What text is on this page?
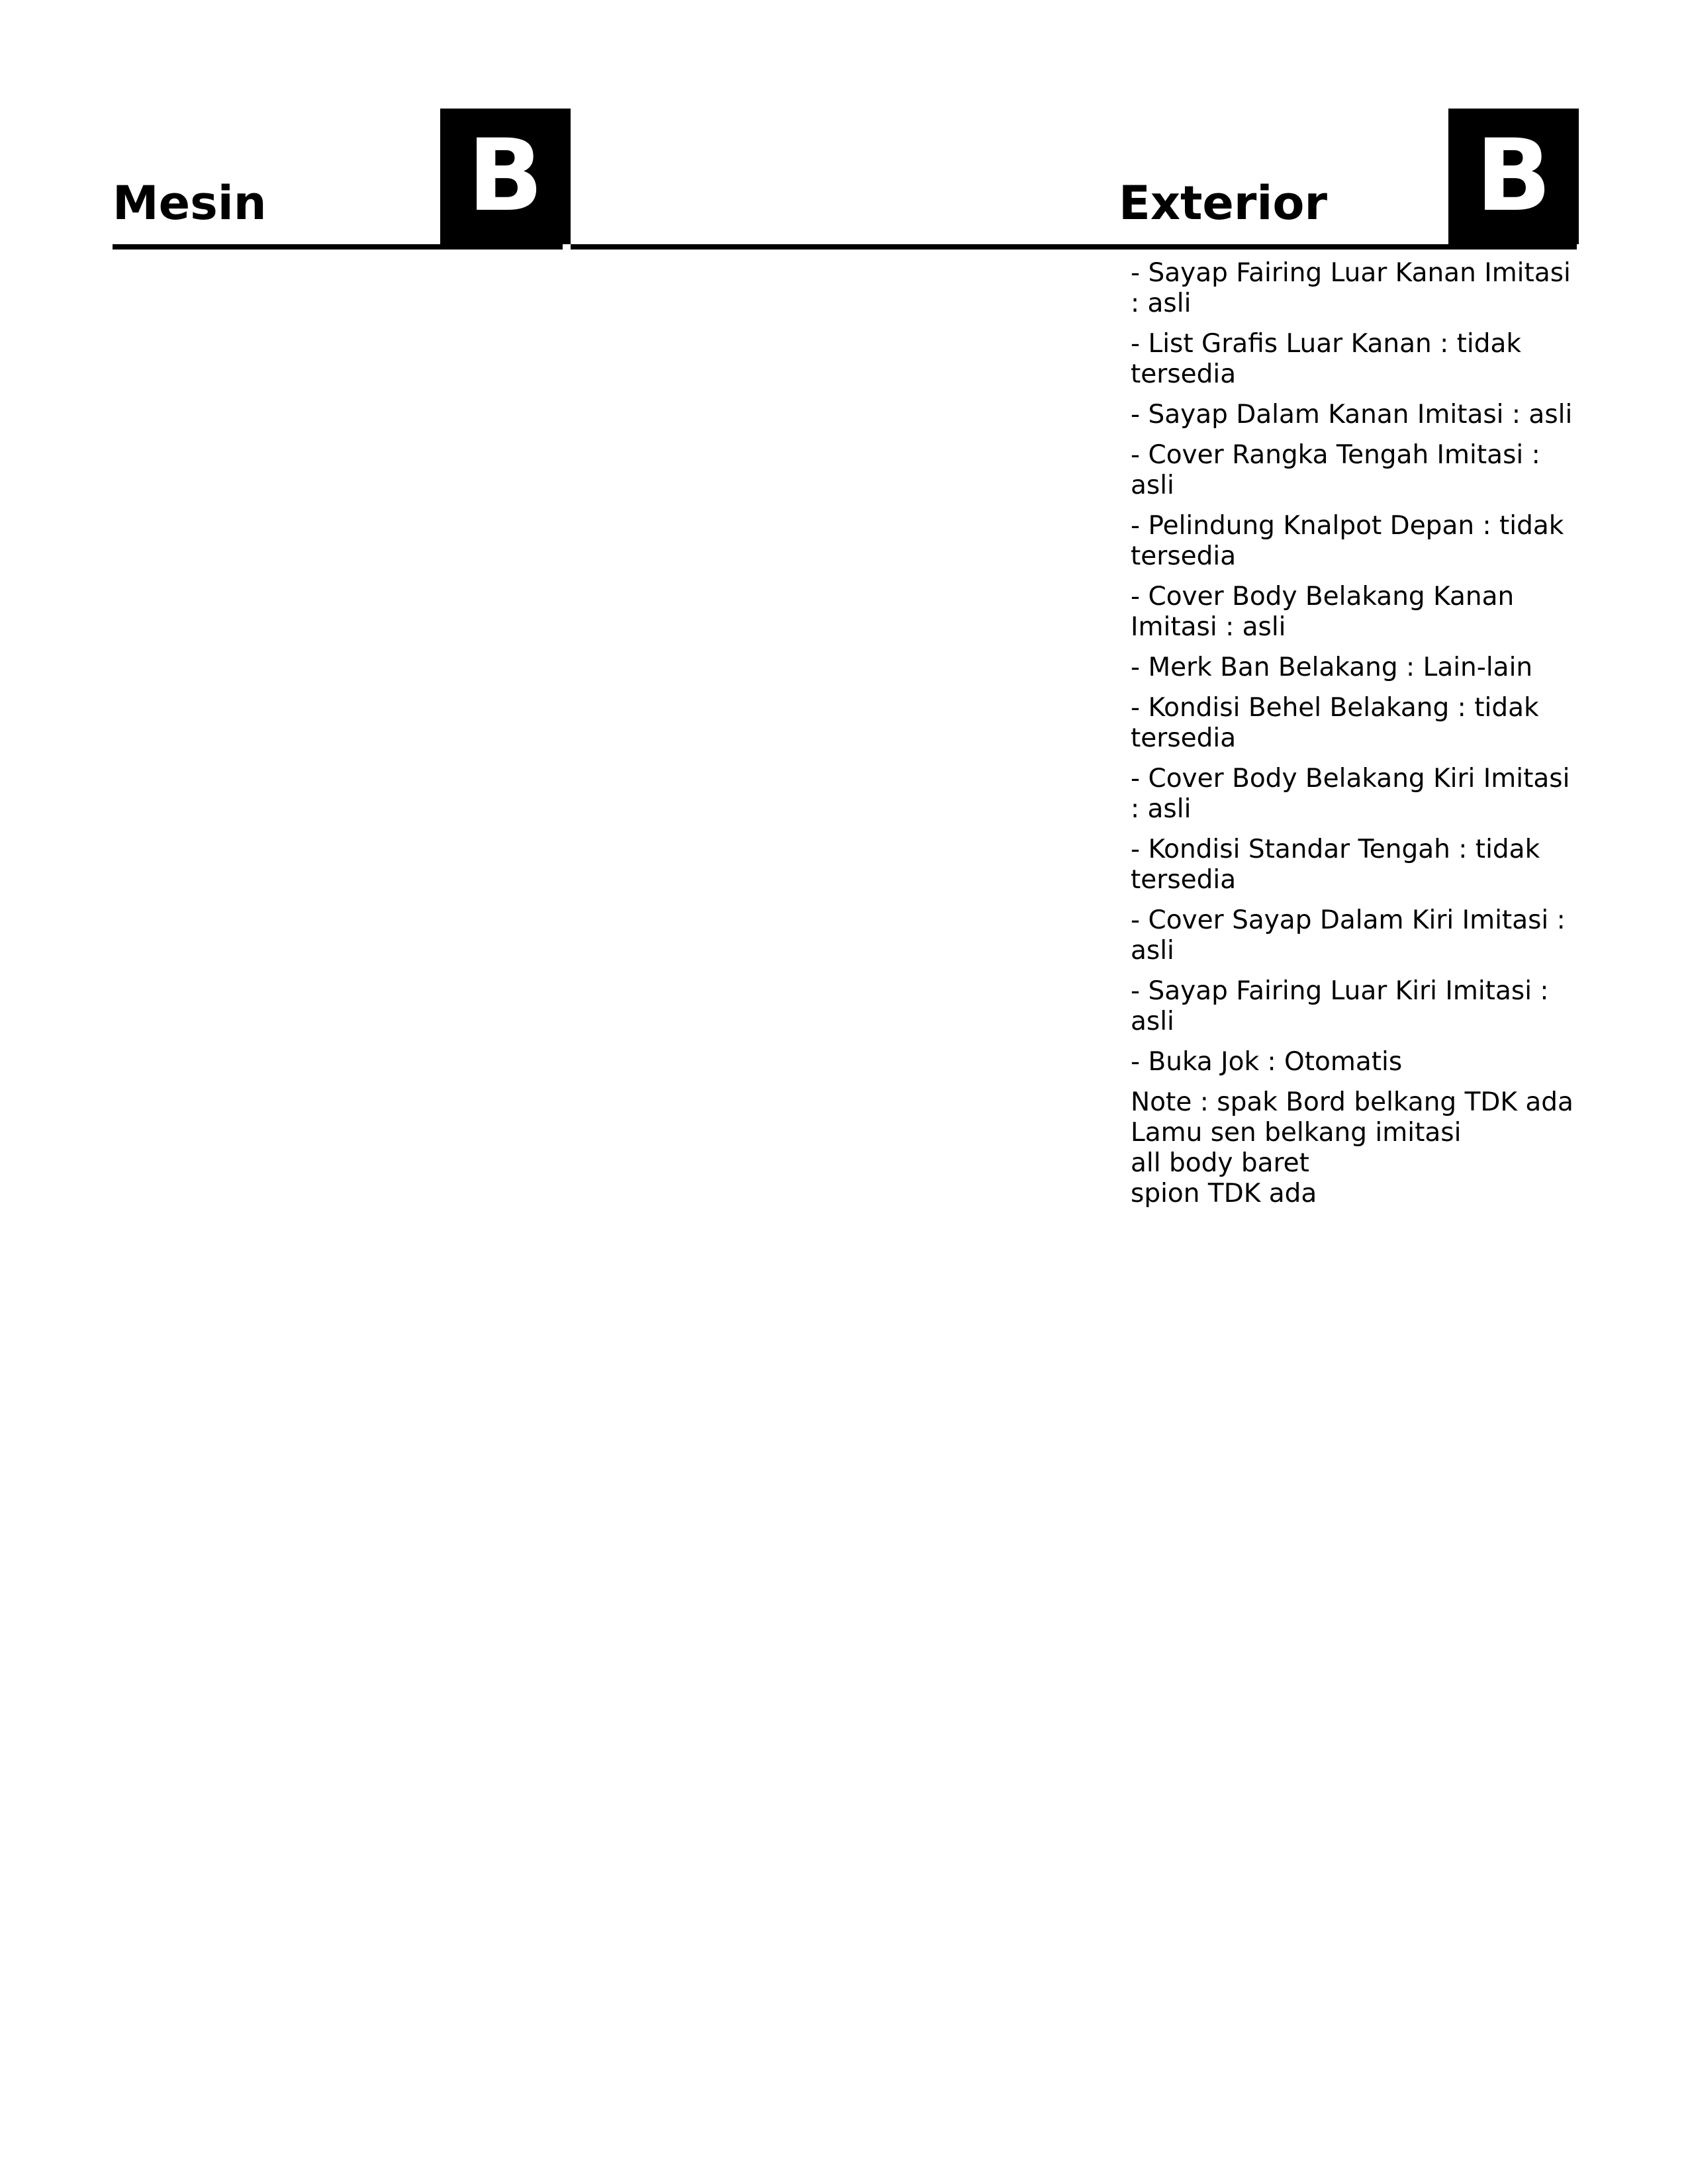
Mesin B	Exterior B
- Sayap Fairing Luar Kanan Imitasi : asli
- List Grafis Luar Kanan : tidak tersedia
- Sayap Dalam Kanan Imitasi : asli
- Cover Rangka Tengah Imitasi : asli
- Pelindung Knalpot Depan : tidak tersedia
- Cover Body Belakang Kanan Imitasi : asli
- Merk Ban Belakang : Lain-lain
- Kondisi Behel Belakang : tidak tersedia
- Cover Body Belakang Kiri Imitasi : asli
- Kondisi Standar Tengah : tidak tersedia
- Cover Sayap Dalam Kiri Imitasi : asli
- Sayap Fairing Luar Kiri Imitasi : asli
- Buka Jok : Otomatis
Note : spak Bord belkang TDK ada
Lamu sen belkang imitasi
all body baret
spion TDK ada
